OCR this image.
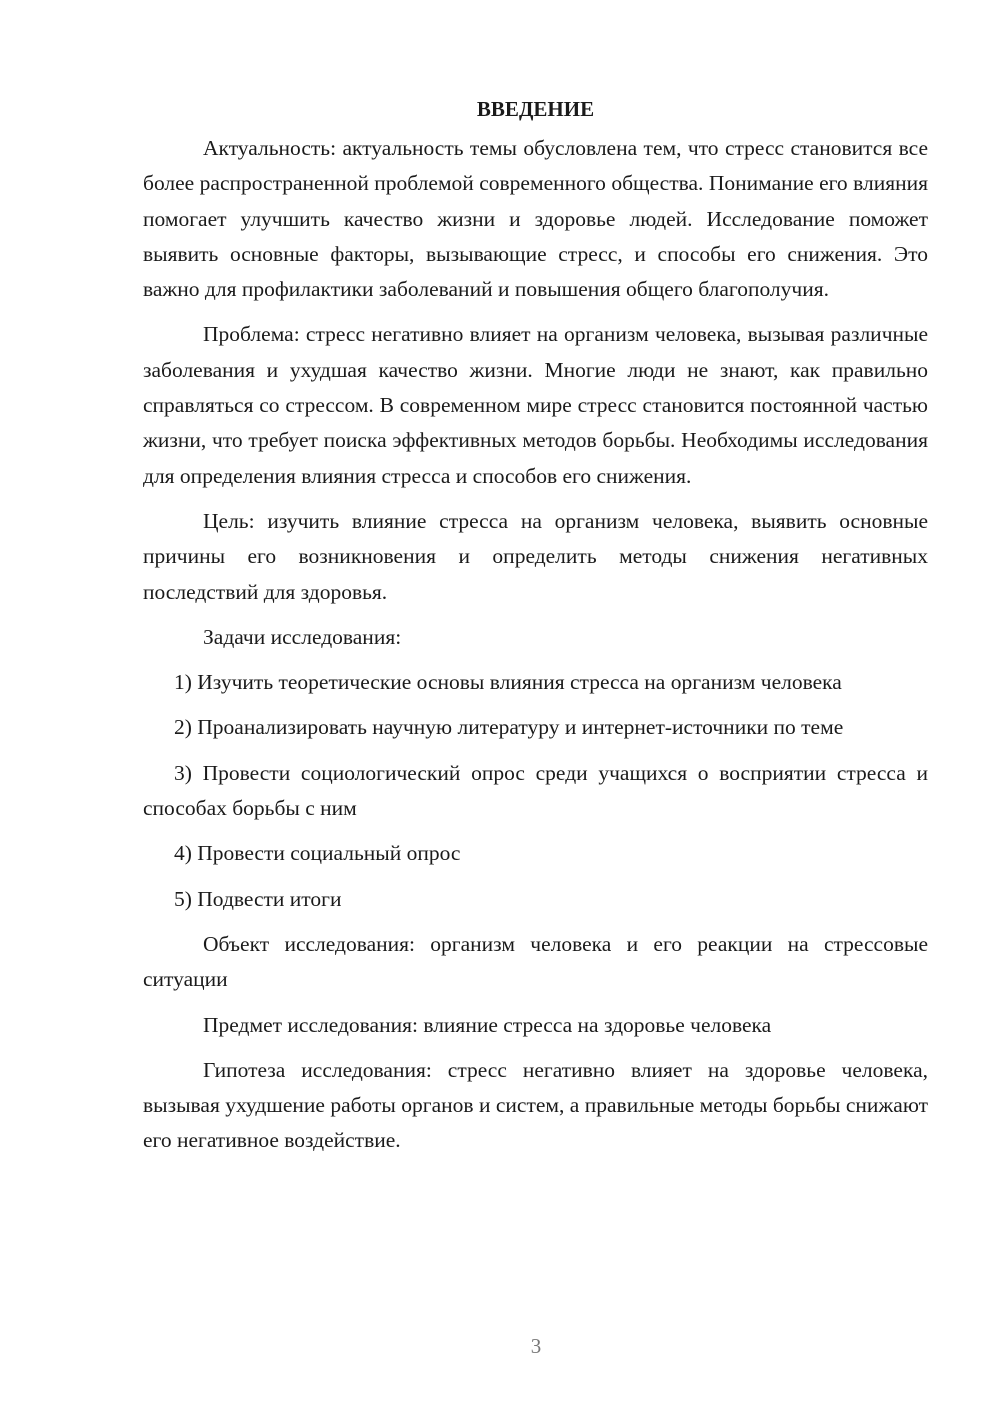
ВВЕДЕНИЕ

Актуальность: актуальность темы обусловлена тем, что стресс становится все более распространенной проблемой современного общества. Понимание его влияния помогает улучшить качество жизни и здоровье людей. Исследование поможет выявить основные факторы, вызывающие стресс, и способы его снижения. Это важно для профилактики заболеваний и повышения общего благополучия.

Проблема: стресс негативно влияет на организм человека, вызывая различные заболевания и ухудшая качество жизни. Многие люди не знают, как правильно справляться со стрессом. В современном мире стресс становится постоянной частью жизни, что требует поиска эффективных методов борьбы. Необходимы исследования для определения влияния стресса и способов его снижения.

Цель: изучить влияние стресса на организм человека, выявить основные причины его возникновения и определить методы снижения негативных последствий для здоровья.

Задачи исследования:

1) Изучить теоретические основы влияния стресса на организм человека

2) Проанализировать научную литературу и интернет-источники по теме

3) Провести социологический опрос среди учащихся о восприятии стресса и способах борьбы с ним

4) Провести социальный опрос

5) Подвести итоги

Объект исследования: организм человека и его реакции на стрессовые ситуации

Предмет исследования: влияние стресса на здоровье человека

Гипотеза исследования: стресс негативно влияет на здоровье человека, вызывая ухудшение работы органов и систем, а правильные методы борьбы снижают его негативное воздействие.

3
